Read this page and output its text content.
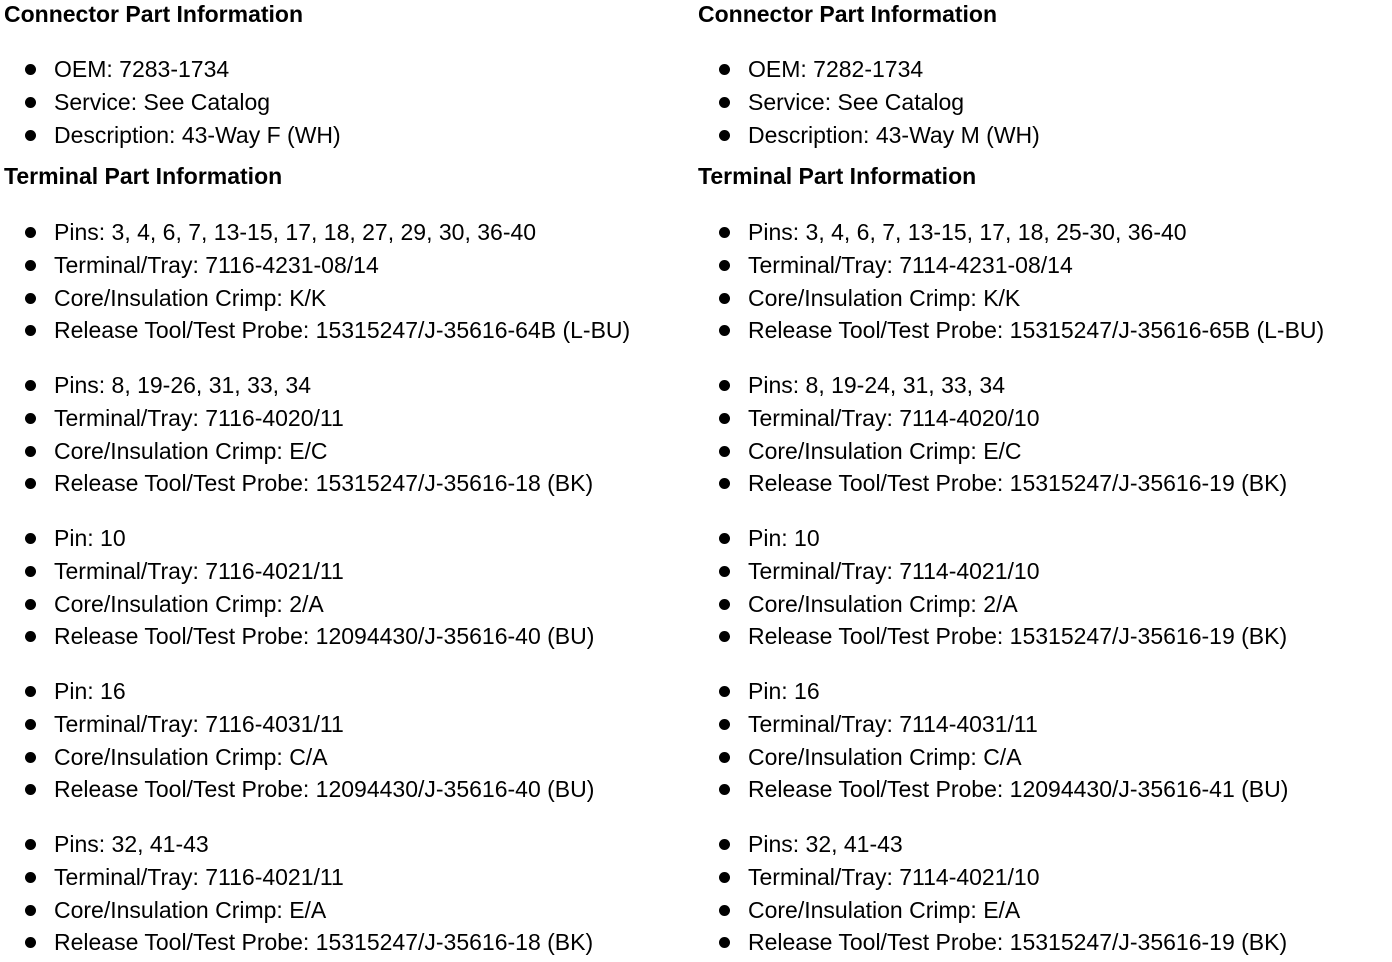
Connector Part Information
OEM: 7283-1734
Service: See Catalog
Description: 43-Way F (WH)
Terminal Part Information
Pins: 3, 4, 6, 7, 13-15, 17, 18, 27, 29, 30, 36-40
Terminal/Tray: 7116-4231-08/14
Core/Insulation Crimp: K/K
Release Tool/Test Probe: 15315247/J-35616-64B (L-BU)
Pins: 8, 19-26, 31, 33, 34
Terminal/Tray: 7116-4020/11
Core/Insulation Crimp: E/C
Release Tool/Test Probe: 15315247/J-35616-18 (BK)
Pin: 10
Terminal/Tray: 7116-4021/11
Core/Insulation Crimp: 2/A
Release Tool/Test Probe: 12094430/J-35616-40 (BU)
Pin: 16
Terminal/Tray: 7116-4031/11
Core/Insulation Crimp: C/A
Release Tool/Test Probe: 12094430/J-35616-40 (BU)
Pins: 32, 41-43
Terminal/Tray: 7116-4021/11
Core/Insulation Crimp: E/A
Release Tool/Test Probe: 15315247/J-35616-18 (BK)
Connector Part Information
OEM: 7282-1734
Service: See Catalog
Description: 43-Way M (WH)
Terminal Part Information
Pins: 3, 4, 6, 7, 13-15, 17, 18, 25-30, 36-40
Terminal/Tray: 7114-4231-08/14
Core/Insulation Crimp: K/K
Release Tool/Test Probe: 15315247/J-35616-65B (L-BU)
Pins: 8, 19-24, 31, 33, 34
Terminal/Tray: 7114-4020/10
Core/Insulation Crimp: E/C
Release Tool/Test Probe: 15315247/J-35616-19 (BK)
Pin: 10
Terminal/Tray: 7114-4021/10
Core/Insulation Crimp: 2/A
Release Tool/Test Probe: 15315247/J-35616-19 (BK)
Pin: 16
Terminal/Tray: 7114-4031/11
Core/Insulation Crimp: C/A
Release Tool/Test Probe: 12094430/J-35616-41 (BU)
Pins: 32, 41-43
Terminal/Tray: 7114-4021/10
Core/Insulation Crimp: E/A
Release Tool/Test Probe: 15315247/J-35616-19 (BK)
